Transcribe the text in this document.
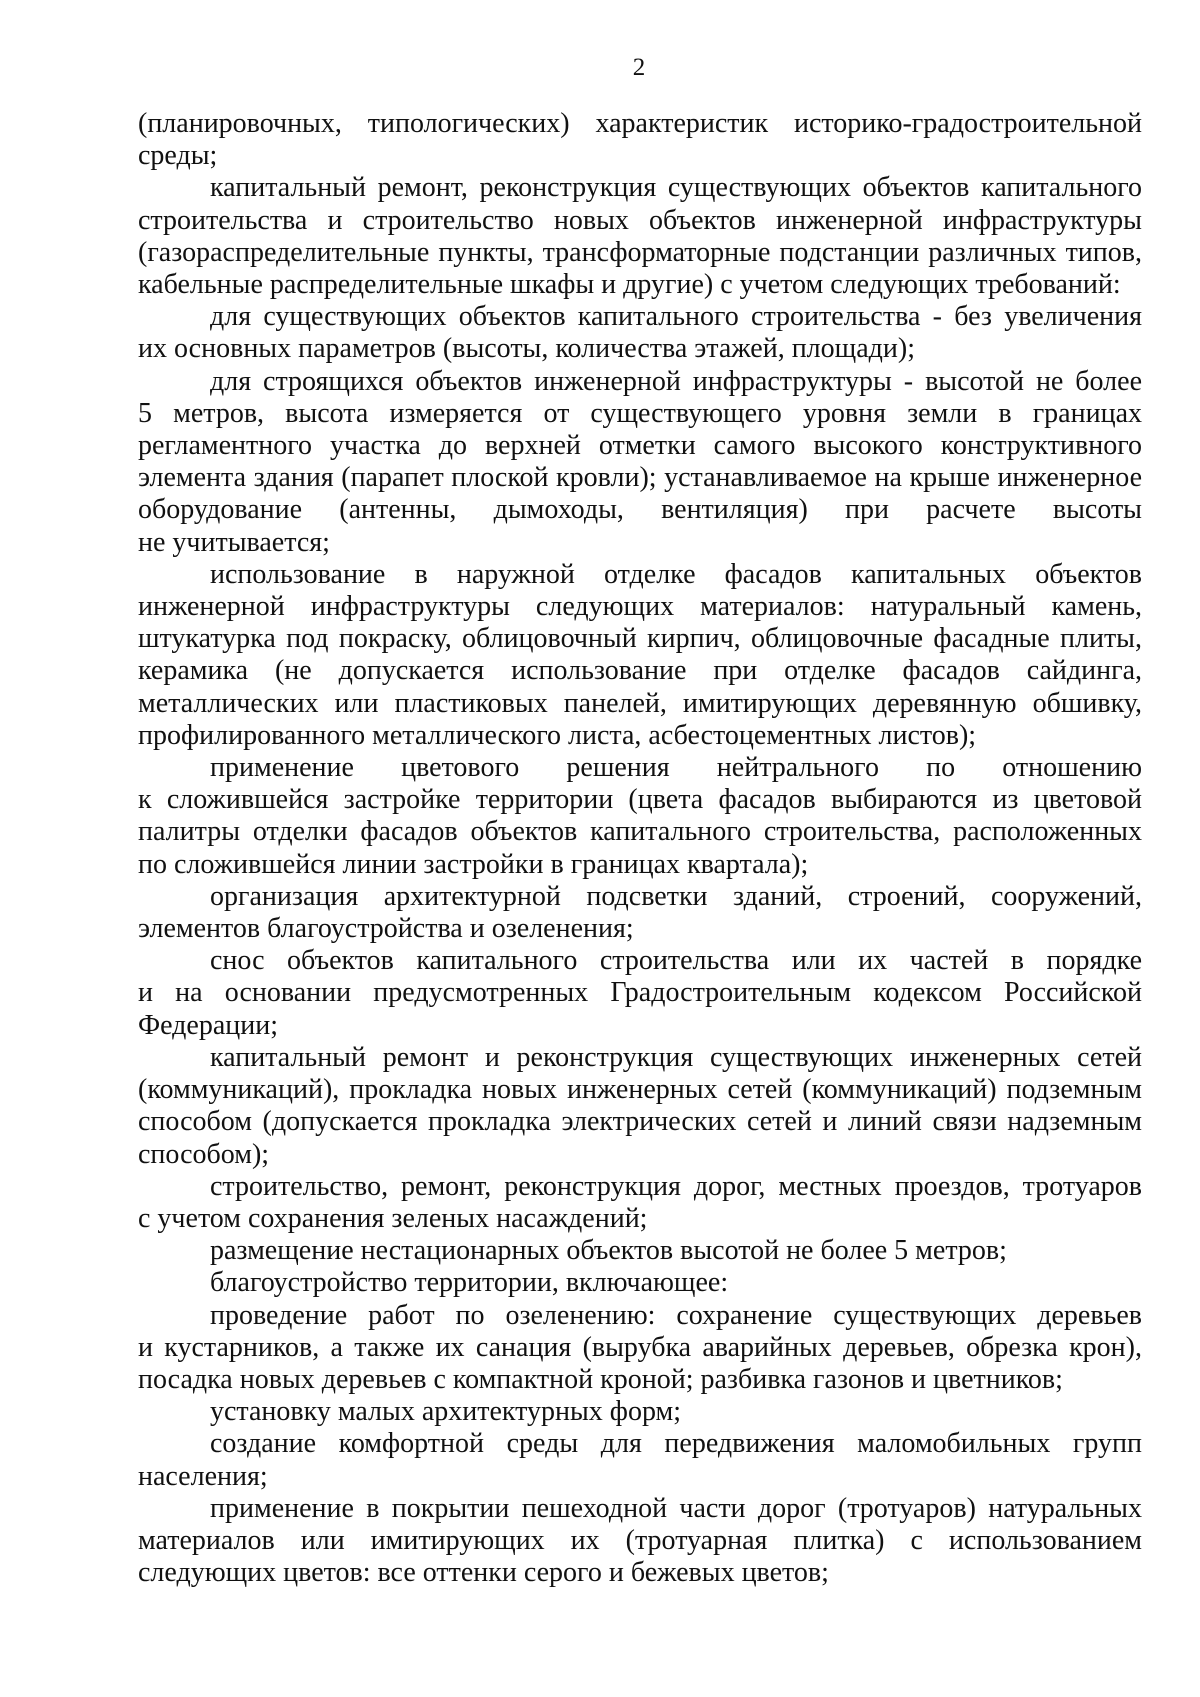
2
(планировочных, типологических) характеристик историко-градостроительной
среды;
капитальный ремонт, реконструкция существующих объектов капитального
строительства и строительство новых объектов инженерной инфраструктуры
(газораспределительные пункты, трансформаторные подстанции различных типов,
кабельные распределительные шкафы и другие) с учетом следующих требований:
для существующих объектов капитального строительства - без увеличения
их основных параметров (высоты, количества этажей, площади);
для строящихся объектов инженерной инфраструктуры - высотой не более
5 метров, высота измеряется от существующего уровня земли в границах
регламентного участка до верхней отметки самого высокого конструктивного
элемента здания (парапет плоской кровли); устанавливаемое на крыше инженерное
оборудование (антенны, дымоходы, вентиляция) при расчете высоты
не учитывается;
использование в наружной отделке фасадов капитальных объектов
инженерной инфраструктуры следующих материалов: натуральный камень,
штукатурка под покраску, облицовочный кирпич, облицовочные фасадные плиты,
керамика (не допускается использование при отделке фасадов сайдинга,
металлических или пластиковых панелей, имитирующих деревянную обшивку,
профилированного металлического листа, асбестоцементных листов);
применение цветового решения нейтрального по отношению
к сложившейся застройке территории (цвета фасадов выбираются из цветовой
палитры отделки фасадов объектов капитального строительства, расположенных
по сложившейся линии застройки в границах квартала);
организация архитектурной подсветки зданий, строений, сооружений,
элементов благоустройства и озеленения;
снос объектов капитального строительства или их частей в порядке
и на основании предусмотренных Градостроительным кодексом Российской
Федерации;
капитальный ремонт и реконструкция существующих инженерных сетей
(коммуникаций), прокладка новых инженерных сетей (коммуникаций) подземным
способом (допускается прокладка электрических сетей и линий связи надземным
способом);
строительство, ремонт, реконструкция дорог, местных проездов, тротуаров
с учетом сохранения зеленых насаждений;
размещение нестационарных объектов высотой не более 5 метров;
благоустройство территории, включающее:
проведение работ по озеленению: сохранение существующих деревьев
и кустарников, а также их санация (вырубка аварийных деревьев, обрезка крон),
посадка новых деревьев с компактной кроной; разбивка газонов и цветников;
установку малых архитектурных форм;
создание комфортной среды для передвижения маломобильных групп
населения;
применение в покрытии пешеходной части дорог (тротуаров) натуральных
материалов или имитирующих их (тротуарная плитка) с использованием
следующих цветов: все оттенки серого и бежевых цветов;
